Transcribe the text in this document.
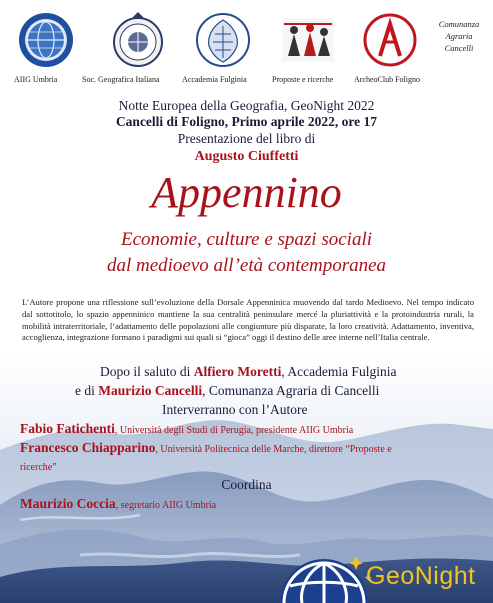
AIIG Umbria	Soc. Geografica Italiana	Accademia Fulginia	Proposte e ricerche	ArcheoClub Foligno
Comunanza
Agraria
Cancelli
Notte Europea della Geografia, GeoNight 2022
Cancelli di Foligno, Primo aprile 2022, ore 17
Presentazione del libro di
Augusto Ciuffetti
Appennino
Economie, culture e spazi sociali
dal medioevo all’età contemporanea
L’Autore propone una riflessione sull’evoluzione della Dorsale Appenninica muovendo dal tardo Medioevo. Nel tempo indicato dal sottotitolo, lo spazio appenninico mantiene la sua centralità peninsulare mercé la pluriattività e la protoindustria rurali, la mobilità intraterritoriale, l’adattamento delle popolazioni alle congiunture più disparate, la loro creatività. Adattamento, inventiva, accoglienza, integrazione formano i paradigmi sui quali si “gioca” oggi il destino delle aree interne nell’Italia centrale.
Dopo il saluto di Alfiero Moretti, Accademia Fulginia
e di Maurizio Cancelli, Comunanza Agraria di Cancelli
Interverranno con l’Autore
Fabio Fatichenti, Università degli Studi di Perugia, presidente AIIG Umbria
Francesco Chiapparino, Università Politecnica delle Marche, direttore “Proposte e
ricerche”
Coordina
Maurizio Coccia, segretario AIIG Umbria
GeoNight
